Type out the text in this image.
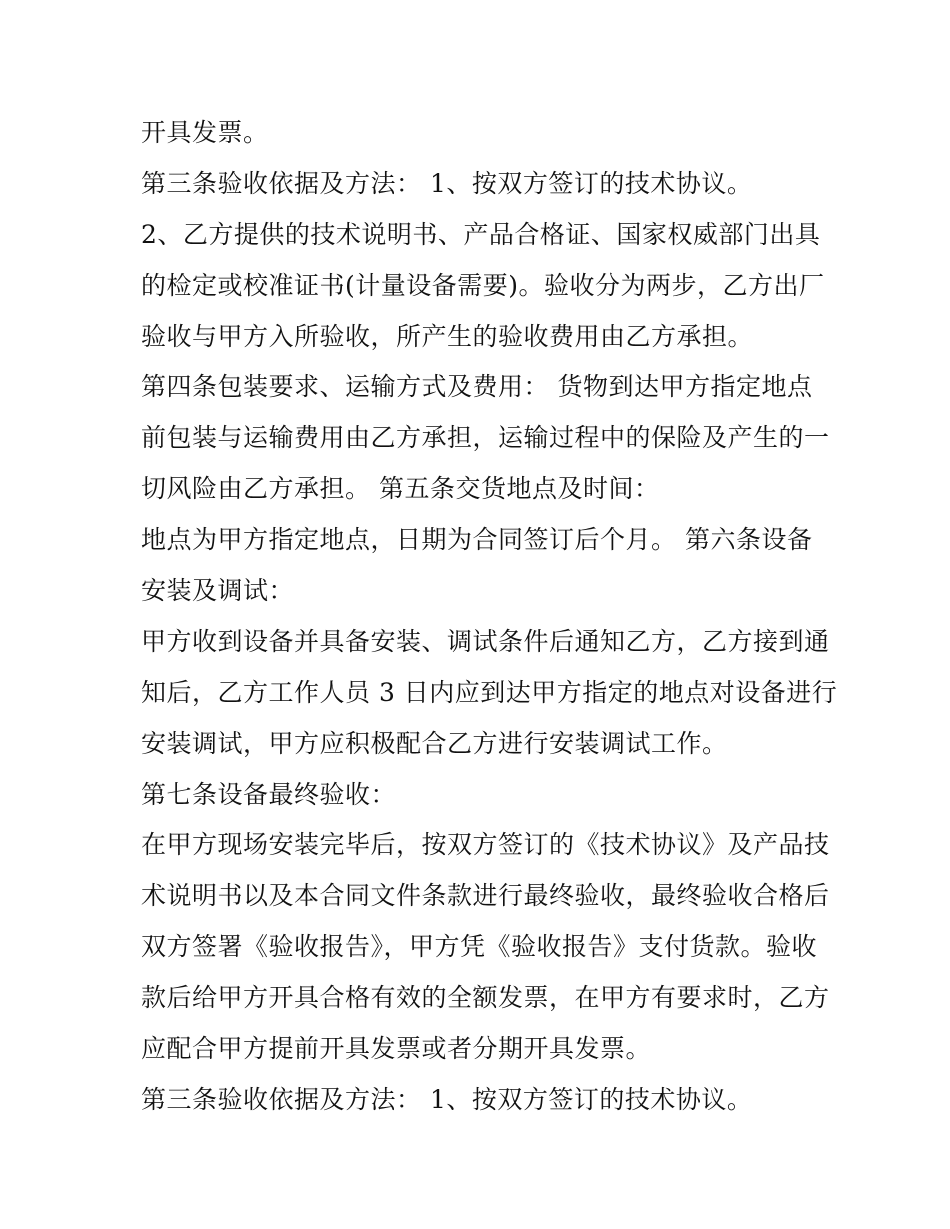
开具发票。
第三条验收依据及方法： 1、按双方签订的技术协议。
2、乙方提供的技术说明书、产品合格证、国家权威部门出具
的检定或校准证书(计量设备需要)。验收分为两步，乙方出厂
验收与甲方入所验收，所产生的验收费用由乙方承担。
第四条包装要求、运输方式及费用： 货物到达甲方指定地点
前包装与运输费用由乙方承担，运输过程中的保险及产生的一
切风险由乙方承担。 第五条交货地点及时间：
地点为甲方指定地点，日期为合同签订后个月。 第六条设备
安装及调试：
甲方收到设备并具备安装、调试条件后通知乙方，乙方接到通
知后，乙方工作人员 3 日内应到达甲方指定的地点对设备进行
安装调试，甲方应积极配合乙方进行安装调试工作。
第七条设备最终验收：
在甲方现场安装完毕后，按双方签订的《技术协议》及产品技
术说明书以及本合同文件条款进行最终验收，最终验收合格后
双方签署《验收报告》，甲方凭《验收报告》支付货款。验收
款后给甲方开具合格有效的全额发票，在甲方有要求时，乙方
应配合甲方提前开具发票或者分期开具发票。
第三条验收依据及方法： 1、按双方签订的技术协议。
